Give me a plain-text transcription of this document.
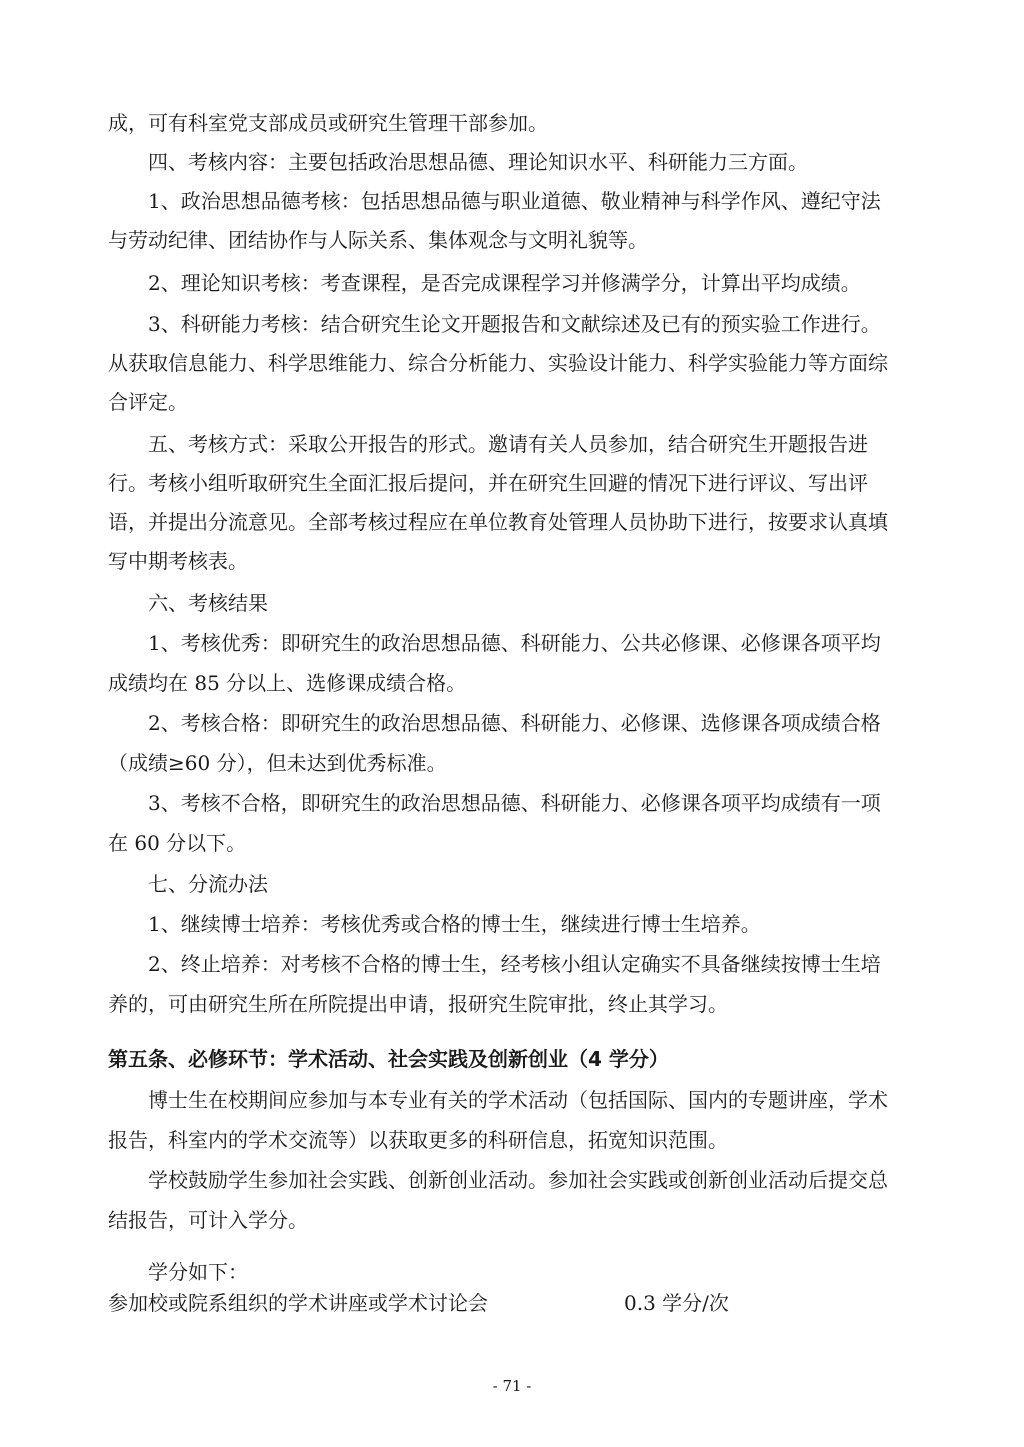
成，可有科室党支部成员或研究生管理干部参加。
四、考核内容：主要包括政治思想品德、理论知识水平、科研能力三方面。
1、政治思想品德考核：包括思想品德与职业道德、敬业精神与科学作风、遵纪守法
与劳动纪律、团结协作与人际关系、集体观念与文明礼貌等。
2、理论知识考核：考查课程，是否完成课程学习并修满学分，计算出平均成绩。
3、科研能力考核：结合研究生论文开题报告和文献综述及已有的预实验工作进行。
从获取信息能力、科学思维能力、综合分析能力、实验设计能力、科学实验能力等方面综
合评定。
五、考核方式：采取公开报告的形式。邀请有关人员参加，结合研究生开题报告进
行。考核小组听取研究生全面汇报后提问，并在研究生回避的情况下进行评议、写出评
语，并提出分流意见。全部考核过程应在单位教育处管理人员协助下进行，按要求认真填
写中期考核表。
六、考核结果
1、考核优秀：即研究生的政治思想品德、科研能力、公共必修课、必修课各项平均
成绩均在 85 分以上、选修课成绩合格。
2、考核合格：即研究生的政治思想品德、科研能力、必修课、选修课各项成绩合格
（成绩≥60 分），但未达到优秀标准。
3、考核不合格，即研究生的政治思想品德、科研能力、必修课各项平均成绩有一项
在 60 分以下。
七、分流办法
1、继续博士培养：考核优秀或合格的博士生，继续进行博士生培养。
2、终止培养：对考核不合格的博士生，经考核小组认定确实不具备继续按博士生培
养的，可由研究生所在所院提出申请，报研究生院审批，终止其学习。
第五条、必修环节：学术活动、社会实践及创新创业（4 学分）
博士生在校期间应参加与本专业有关的学术活动（包括国际、国内的专题讲座，学术
报告，科室内的学术交流等）以获取更多的科研信息，拓宽知识范围。
学校鼓励学生参加社会实践、创新创业活动。参加社会实践或创新创业活动后提交总
结报告，可计入学分。
学分如下：
参加校或院系组织的学术讲座或学术讨论会	0.3 学分/次
- 71 -
